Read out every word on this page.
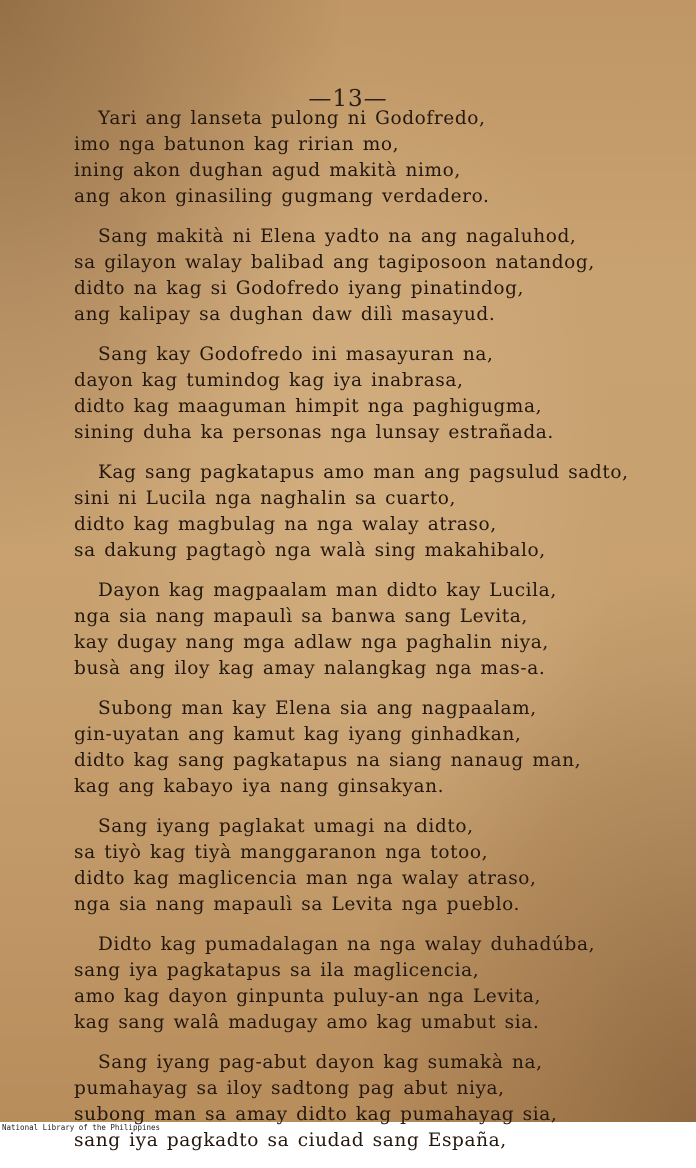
—13—
Yari ang lanseta pulong ni Godofredo,
imo nga batunon kag ririan mo,
ining akon dughan agud makità nimo,
ang akon ginasiling gugmang verdadero.
Sang makità ni Elena yadto na ang nagaluhod,
sa gilayon walay balibad ang tagiposoon natandog,
didto na kag si Godofredo iyang pinatindog,
ang kalipay sa dughan daw dilì masayud.
Sang kay Godofredo ini masayuran na,
dayon kag tumindog kag iya inabrasa,
didto kag maaguman himpit nga paghigugma,
sining duha ka personas nga lunsay estrañada.
Kag sang pagkatapus amo man ang pagsulud sadto,
sini ni Lucila nga naghalin sa cuarto,
didto kag magbulag na nga walay atraso,
sa dakung pagtagò nga walà sing makahibalo,
Dayon kag magpaalam man didto kay Lucila,
nga sia nang mapaulì sa banwa sang Levita,
kay dugay nang mga adlaw nga paghalin niya,
busà ang iloy kag amay nalangkag nga mas-a.
Subong man kay Elena sia ang nagpaalam,
gin-uyatan ang kamut kag iyang ginhadkan,
didto kag sang pagkatapus na siang nanaug man,
kag ang kabayo iya nang ginsakyan.
Sang iyang paglakat umagi na didto,
sa tiyò kag tiyà manggaranon nga totoo,
didto kag maglicencia man nga walay atraso,
nga sia nang mapaulì sa Levita nga pueblo.
Didto kag pumadalagan na nga walay duhadúba,
sang iya pagkatapus sa ila maglicencia,
amo kag dayon ginpunta puluy-an nga Levita,
kag sang walâ madugay amo kag umabut sia.
Sang iyang pag-abut dayon kag sumakà na,
pumahayag sa iloy sadtong pag abut niya,
subong man sa amay didto kag pumahayag sia,
sang iya pagkadto sa ciudad sang España,
National Library of the Philippines
